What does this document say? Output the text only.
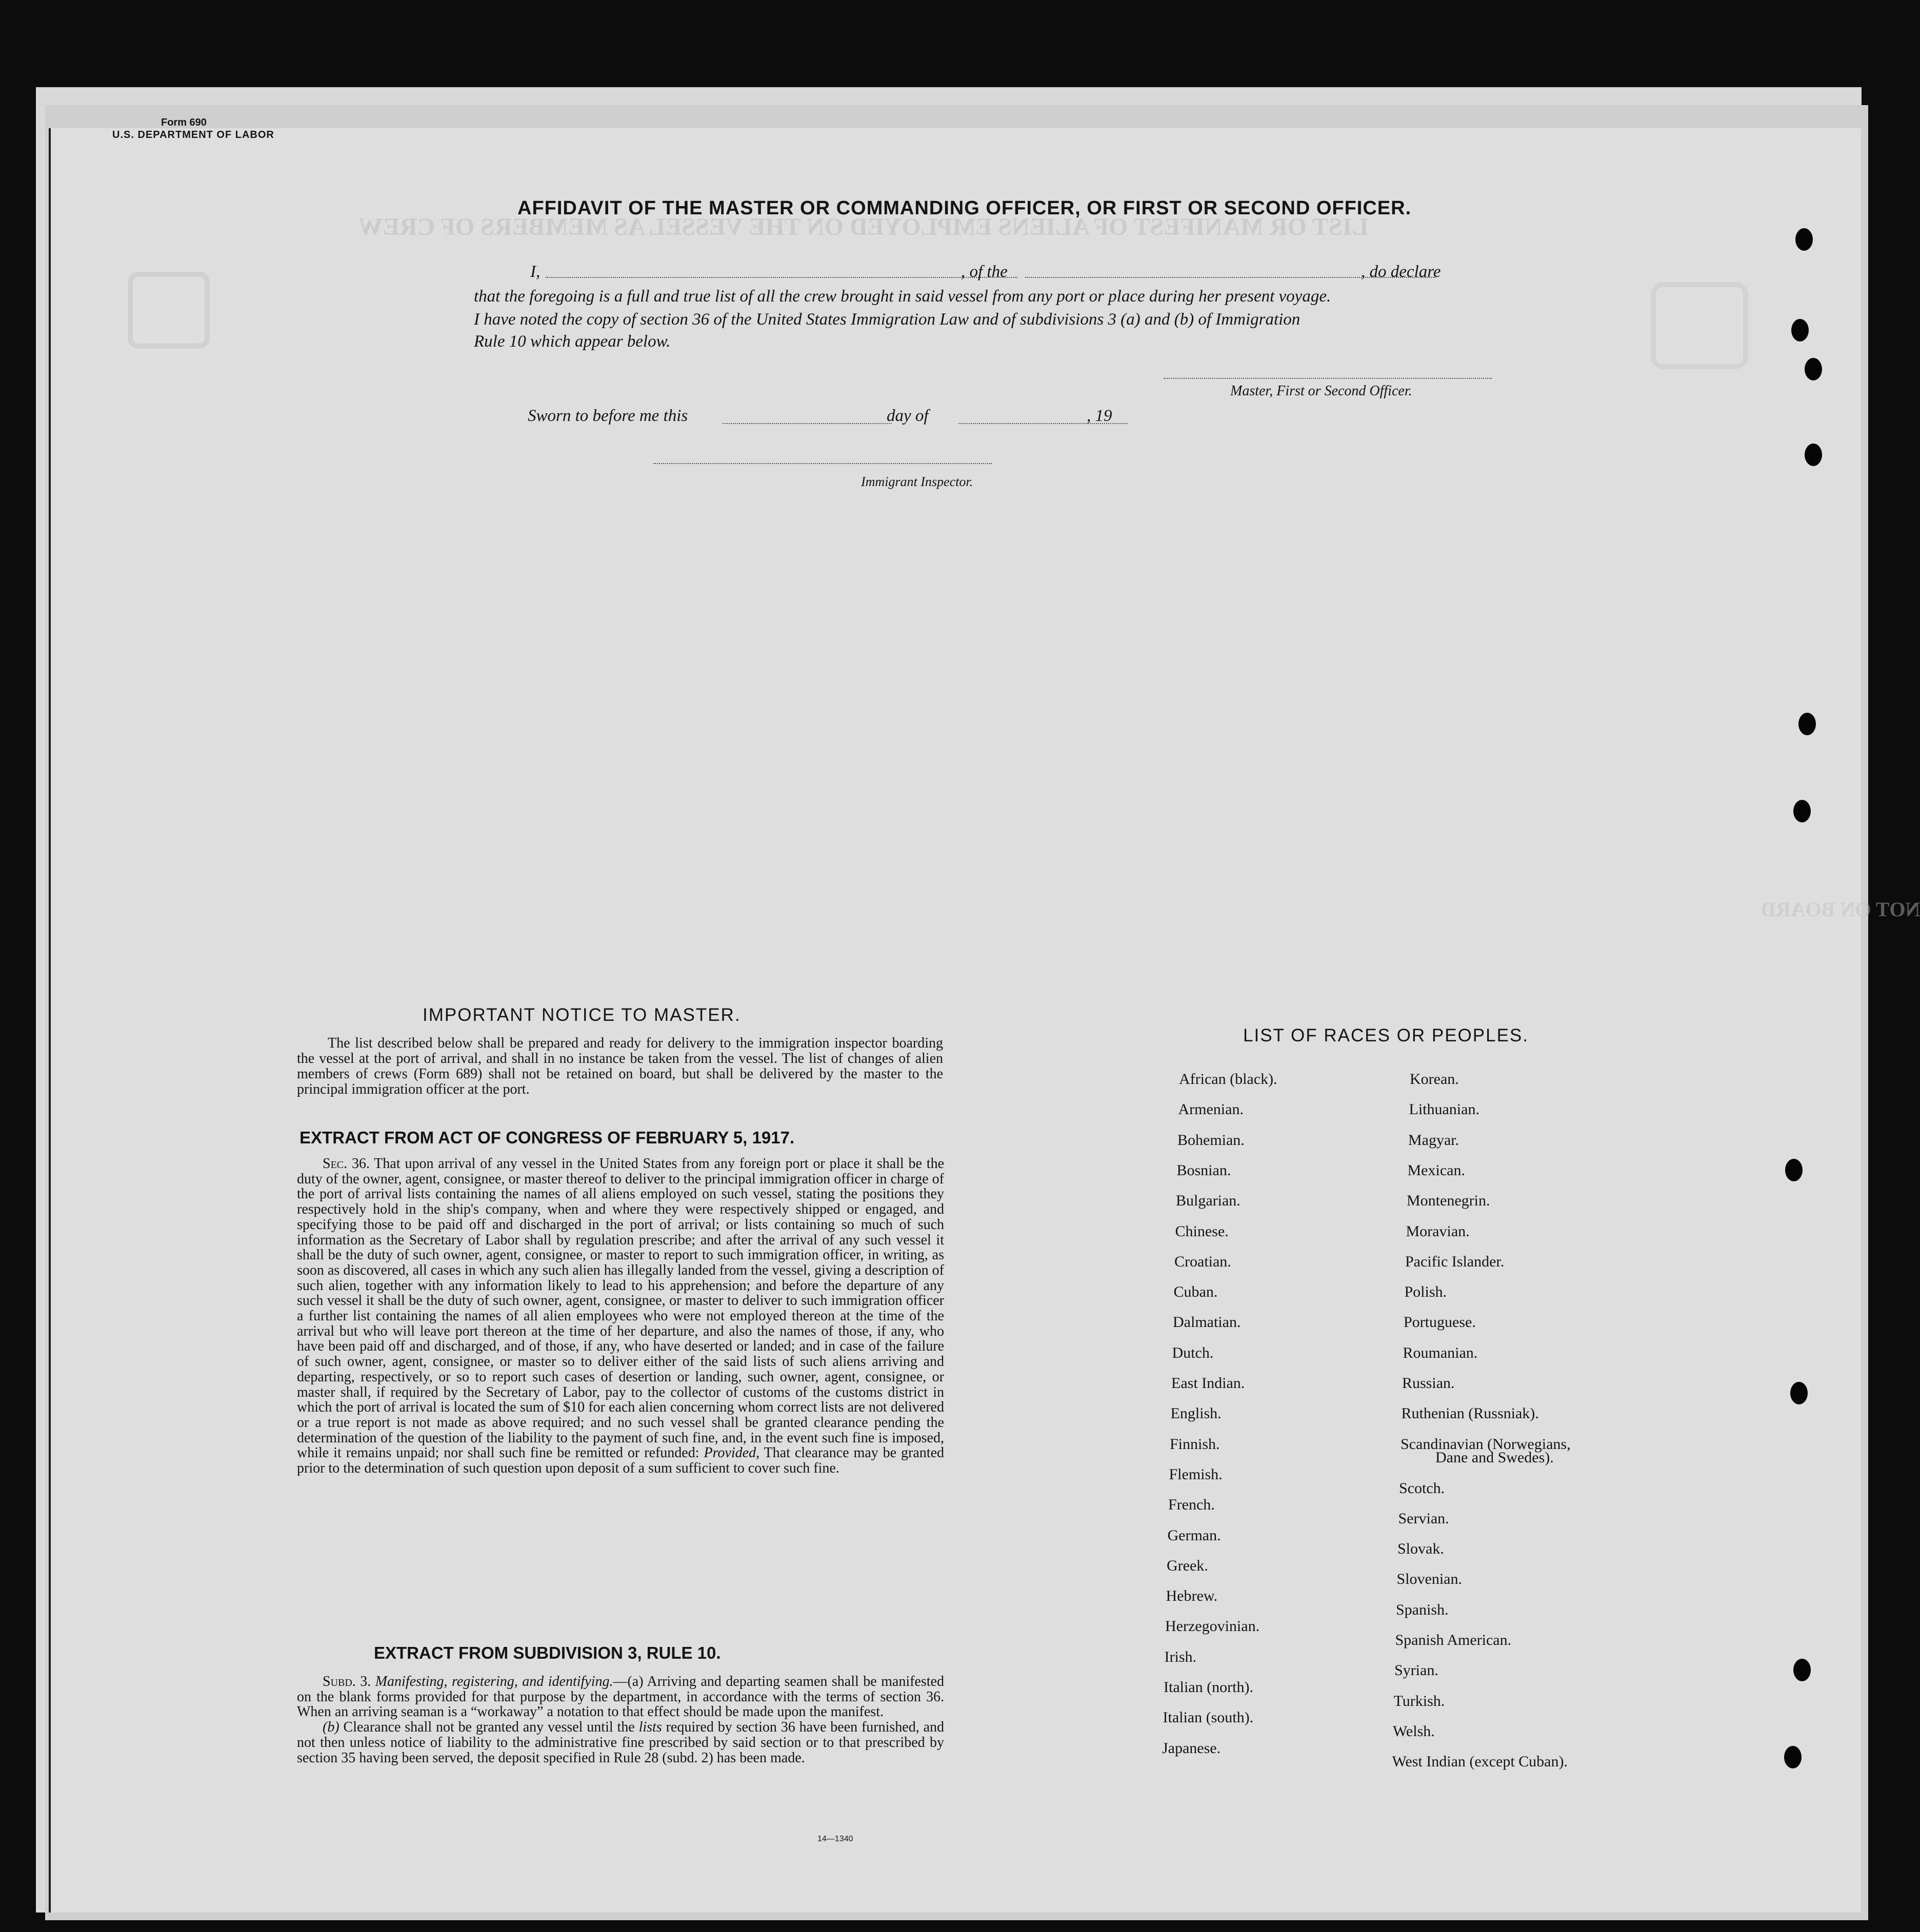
Form 690
U.S. DEPARTMENT OF LABOR
LIST OR MANIFEST OF ALIENS EMPLOYED ON THE VESSEL AS MEMBERS OF CREW
NOT ON BOARD
AFFIDAVIT OF THE MASTER OR COMMANDING OFFICER, OR FIRST OR SECOND OFFICER.
I,	, of the	, do declare
that the foregoing is a full and true list of all the crew brought in said vessel from any port or place during her present voyage.
I have noted the copy of section 36 of the United States Immigration Law and of subdivisions 3 (a) and (b) of Immigration
Rule 10 which appear below.
Master, First or Second Officer.
Sworn to before me this	day of	, 19
Immigrant Inspector.
IMPORTANT NOTICE TO MASTER.
The list described below shall be prepared and ready for delivery to the immigration inspector boarding the vessel at the port of arrival, and shall in no instance be taken from the vessel. The list of changes of alien members of crews (Form 689) shall not be retained on board, but shall be delivered by the master to the principal immigration officer at the port.
EXTRACT FROM ACT OF CONGRESS OF FEBRUARY 5, 1917.
Sec. 36. That upon arrival of any vessel in the United States from any foreign port or place it shall be the duty of the owner, agent, consignee, or master thereof to deliver to the principal immigration officer in charge of the port of arrival lists containing the names of all aliens employed on such vessel, stating the positions they respectively hold in the ship's company, when and where they were respectively shipped or engaged, and specifying those to be paid off and discharged in the port of arrival; or lists containing so much of such information as the Secretary of Labor shall by regulation prescribe; and after the arrival of any such vessel it shall be the duty of such owner, agent, consignee, or master to report to such immigration officer, in writing, as soon as discovered, all cases in which any such alien has illegally landed from the vessel, giving a description of such alien, together with any information likely to lead to his apprehension; and before the departure of any such vessel it shall be the duty of such owner, agent, consignee, or master to deliver to such immigration officer a further list containing the names of all alien employees who were not employed thereon at the time of the arrival but who will leave port thereon at the time of her departure, and also the names of those, if any, who have been paid off and discharged, and of those, if any, who have deserted or landed; and in case of the failure of such owner, agent, consignee, or master so to deliver either of the said lists of such aliens arriving and departing, respectively, or so to report such cases of desertion or landing, such owner, agent, consignee, or master shall, if required by the Secretary of Labor, pay to the collector of customs of the customs district in which the port of arrival is located the sum of $10 for each alien concerning whom correct lists are not delivered or a true report is not made as above required; and no such vessel shall be granted clearance pending the determination of the question of the liability to the payment of such fine, and, in the event such fine is imposed, while it remains unpaid; nor shall such fine be remitted or refunded: Provided, That clearance may be granted prior to the determination of such question upon deposit of a sum sufficient to cover such fine.
EXTRACT FROM SUBDIVISION 3, RULE 10.
Subd. 3. Manifesting, registering, and identifying.—(a) Arriving and departing seamen shall be manifested on the blank forms provided for that purpose by the department, in accordance with the terms of section 36. When an arriving seaman is a “workaway” a notation to that effect should be made upon the manifest.
(b) Clearance shall not be granted any vessel until the lists required by section 36 have been furnished, and not then unless notice of liability to the administrative fine prescribed by said section or to that prescribed by section 35 having been served, the deposit specified in Rule 28 (subd. 2) has been made.
14—1340
LIST OF RACES OR PEOPLES.
African (black).
Armenian.
Bohemian.
Bosnian.
Bulgarian.
Chinese.
Croatian.
Cuban.
Dalmatian.
Dutch.
East Indian.
English.
Finnish.
Flemish.
French.
German.
Greek.
Hebrew.
Herzegovinian.
Irish.
Italian (north).
Italian (south).
Japanese.
Korean.
Lithuanian.
Magyar.
Mexican.
Montenegrin.
Moravian.
Pacific Islander.
Polish.
Portuguese.
Roumanian.
Russian.
Ruthenian (Russniak).
Scandinavian (Norwegians,
Dane and Swedes).
Scotch.
Servian.
Slovak.
Slovenian.
Spanish.
Spanish American.
Syrian.
Turkish.
Welsh.
West Indian (except Cuban).
